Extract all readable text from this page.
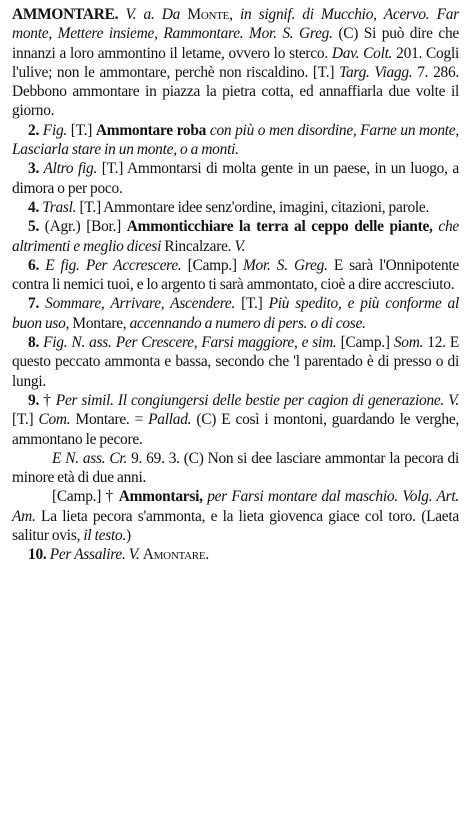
AMMONTARE. V. a. Da Monte, in signif. di Mucchio, Acervo. Far monte, Mettere insieme, Rammontare. Mor. S. Greg. (C) Si può dire che innanzi a loro ammontino il letame, ovvero lo sterco. Dav. Colt. 201. Cogli l'ulive; non le ammontare, perchè non riscaldino. [T.] Targ. Viagg. 7. 286. Debbono ammontare in piazza la pietra cotta, ed annaffiarla due volte il giorno.

2. Fig. [T.] Ammontare roba con più o men disordine, Farne un monte, Lasciarla stare in un monte, o a monti.

3. Altro fig. [T.] Ammontarsi di molta gente in un paese, in un luogo, a dimora o per poco.

4. Trasl. [T.] Ammontare idee senz'ordine, imagini, citazioni, parole.

5. (Agr.) [Bor.] Ammonticchiare la terra al ceppo delle piante, che altrimenti e meglio dicesi Rincalzare. V.

6. E fig. Per Accrescere. [Camp.] Mor. S. Greg. E sarà l'Onnipotente contra li nemici tuoi, e lo argento ti sarà ammontato, cioè a dire accresciuto.

7. Sommare, Arrivare, Ascendere. [T.] Più spedito, e più conforme al buon uso, Montare, accennando a numero di pers. o di cose.

8. Fig. N. ass. Per Crescere, Farsi maggiore, e sim. [Camp.] Som. 12. E questo peccato ammonta e bassa, secondo che 'l parentado è di presso o di lungi.

9. † Per simil. Il congiungersi delle bestie per cagion di generazione. V. [T.] Com. Montare. = Pallad. (C) E così i montoni, guardando le verghe, ammontano le pecore.

E N. ass. Cr. 9. 69. 3. (C) Non si dee lasciare ammontar la pecora di minore età di due anni.

[Camp.] † Ammontarsi, per Farsi montare dal maschio. Volg. Art. Am. La lieta pecora s'ammonta, e la lieta giovenca giace col toro. (Laeta salitur ovis, il testo.)

10. Per Assalire. V. Amontare.
